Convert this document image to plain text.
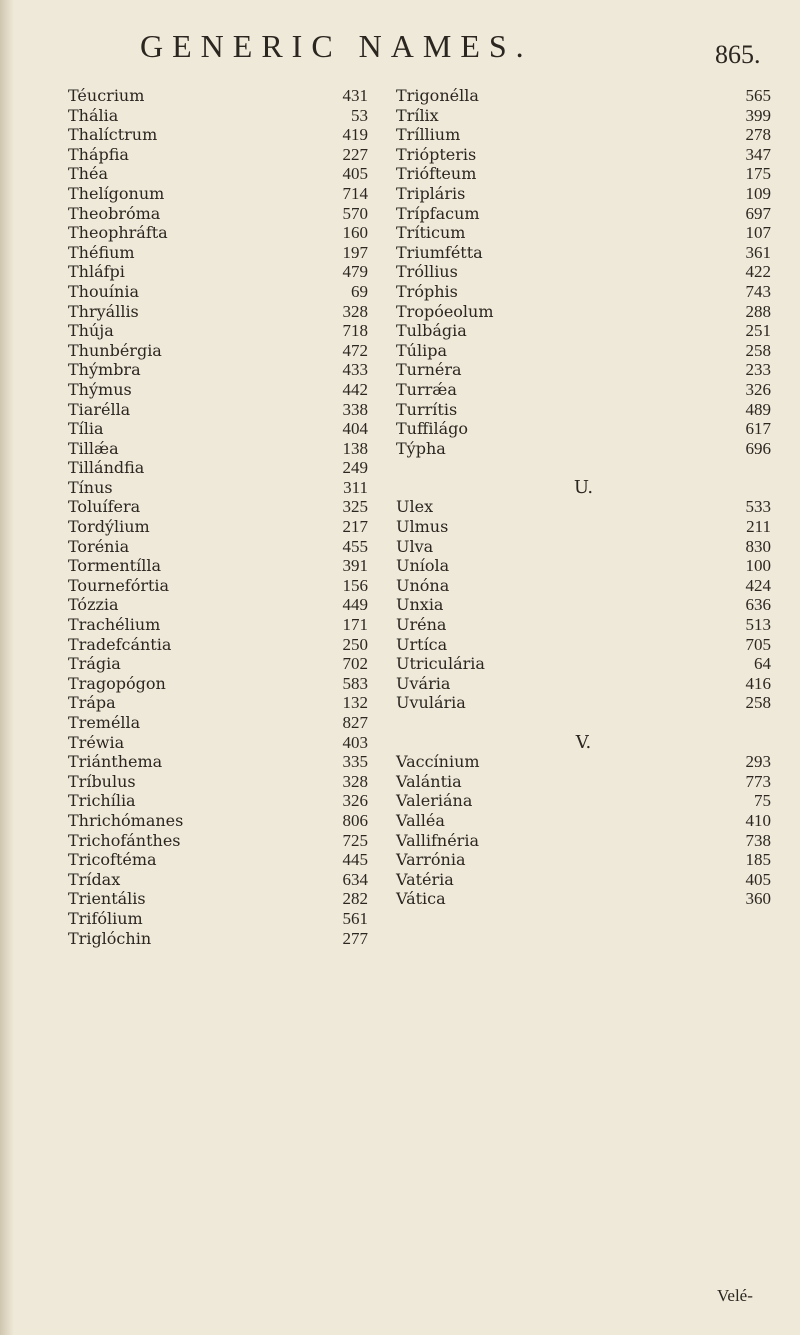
GENERIC NAMES.	865.
Téucrium	431
Thália	53
Thalíctrum	419
Thápfia	227
Théa	405
Thelígonum	714
Theobróma	570
Theophráfta	160
Théfium	197
Thláfpi	479
Thouínia	69
Thryállis	328
Thúja	718
Thunbérgia	472
Thýmbra	433
Thýmus	442
Tiarélla	338
Tília	404
Tillǽa	138
Tillándfia	249
Tínus	311
Toluífera	325
Tordýlium	217
Torénia	455
Tormentílla	391
Tournefórtia	156
Tózzia	449
Trachélium	171
Tradefcántia	250
Trágia	702
Tragopógon	583
Trápa	132
Tremélla	827
Tréwia	403
Triánthema	335
Tríbulus	328
Trichília	326
Thrichómanes	806
Trichofánthes	725
Tricoftéma	445
Trídax	634
Trientális	282
Trifólium	561
Triglóchin	277
Trigonélla	565
Trílix	399
Tríllium	278
Triópteris	347
Triófteum	175
Tripláris	109
Trípfacum	697
Tríticum	107
Triumfétta	361
Tróllius	422
Tróphis	743
Tropóeolum	288
Tulbágia	251
Túlipa	258
Turnéra	233
Turrǽa	326
Turrítis	489
Tuffilágo	617
Týpha	696
U.
Ulex	533
Ulmus	211
Ulva	830
Uníola	100
Unóna	424
Unxia	636
Uréna	513
Urtíca	705
Utriculária	64
Uvária	416
Uvulária	258
V.
Vaccínium	293
Valántia	773
Valeriána	75
Valléa	410
Vallifnéria	738
Varrónia	185
Vatéria	405
Vática	360
Velé-
